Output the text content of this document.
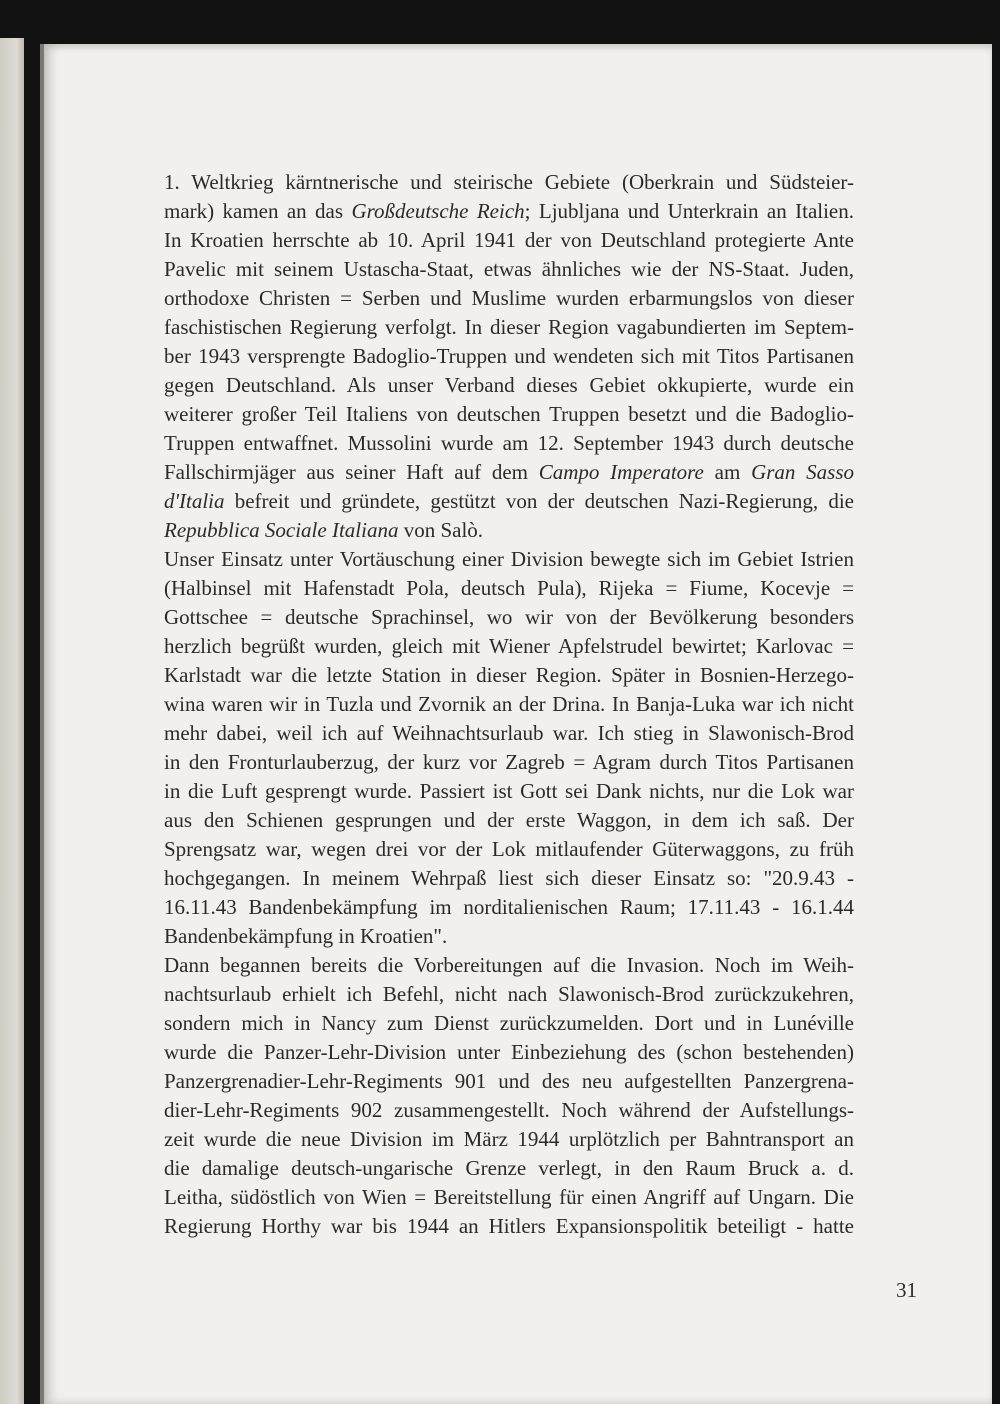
1. Weltkrieg kärntnerische und steirische Gebiete (Oberkrain und Südsteier-
mark) kamen an das Großdeutsche Reich; Ljubljana und Unterkrain an Italien.
In Kroatien herrschte ab 10. April 1941 der von Deutschland protegierte Ante
Pavelic mit seinem Ustascha-Staat, etwas ähnliches wie der NS-Staat. Juden,
orthodoxe Christen = Serben und Muslime wurden erbarmungslos von dieser
faschistischen Regierung verfolgt. In dieser Region vagabundierten im Septem-
ber 1943 versprengte Badoglio-Truppen und wendeten sich mit Titos Partisanen
gegen Deutschland. Als unser Verband dieses Gebiet okkupierte, wurde ein
weiterer großer Teil Italiens von deutschen Truppen besetzt und die Badoglio-
Truppen entwaffnet. Mussolini wurde am 12. September 1943 durch deutsche
Fallschirmjäger aus seiner Haft auf dem Campo Imperatore am Gran Sasso
d'Italia befreit und gründete, gestützt von der deutschen Nazi-Regierung, die
Repubblica Sociale Italiana von Salò.
Unser Einsatz unter Vortäuschung einer Division bewegte sich im Gebiet Istrien
(Halbinsel mit Hafenstadt Pola, deutsch Pula), Rijeka = Fiume, Kocevje =
Gottschee = deutsche Sprachinsel, wo wir von der Bevölkerung besonders
herzlich begrüßt wurden, gleich mit Wiener Apfelstrudel bewirtet; Karlovac =
Karlstadt war die letzte Station in dieser Region. Später in Bosnien-Herzego-
wina waren wir in Tuzla und Zvornik an der Drina. In Banja-Luka war ich nicht
mehr dabei, weil ich auf Weihnachtsurlaub war. Ich stieg in Slawonisch-Brod
in den Fronturlauberzug, der kurz vor Zagreb = Agram durch Titos Partisanen
in die Luft gesprengt wurde. Passiert ist Gott sei Dank nichts, nur die Lok war
aus den Schienen gesprungen und der erste Waggon, in dem ich saß. Der
Sprengsatz war, wegen drei vor der Lok mitlaufender Güterwaggons, zu früh
hochgegangen. In meinem Wehrpaß liest sich dieser Einsatz so: "20.9.43 -
16.11.43 Bandenbekämpfung im norditalienischen Raum; 17.11.43 - 16.1.44
Bandenbekämpfung in Kroatien".
Dann begannen bereits die Vorbereitungen auf die Invasion. Noch im Weih-
nachtsurlaub erhielt ich Befehl, nicht nach Slawonisch-Brod zurückzukehren,
sondern mich in Nancy zum Dienst zurückzumelden. Dort und in Lunéville
wurde die Panzer-Lehr-Division unter Einbeziehung des (schon bestehenden)
Panzergrenadier-Lehr-Regiments 901 und des neu aufgestellten Panzergrena-
dier-Lehr-Regiments 902 zusammengestellt. Noch während der Aufstellungs-
zeit wurde die neue Division im März 1944 urplötzlich per Bahntransport an
die damalige deutsch-ungarische Grenze verlegt, in den Raum Bruck a. d.
Leitha, südöstlich von Wien = Bereitstellung für einen Angriff auf Ungarn. Die
Regierung Horthy war bis 1944 an Hitlers Expansionspolitik beteiligt - hatte
31
